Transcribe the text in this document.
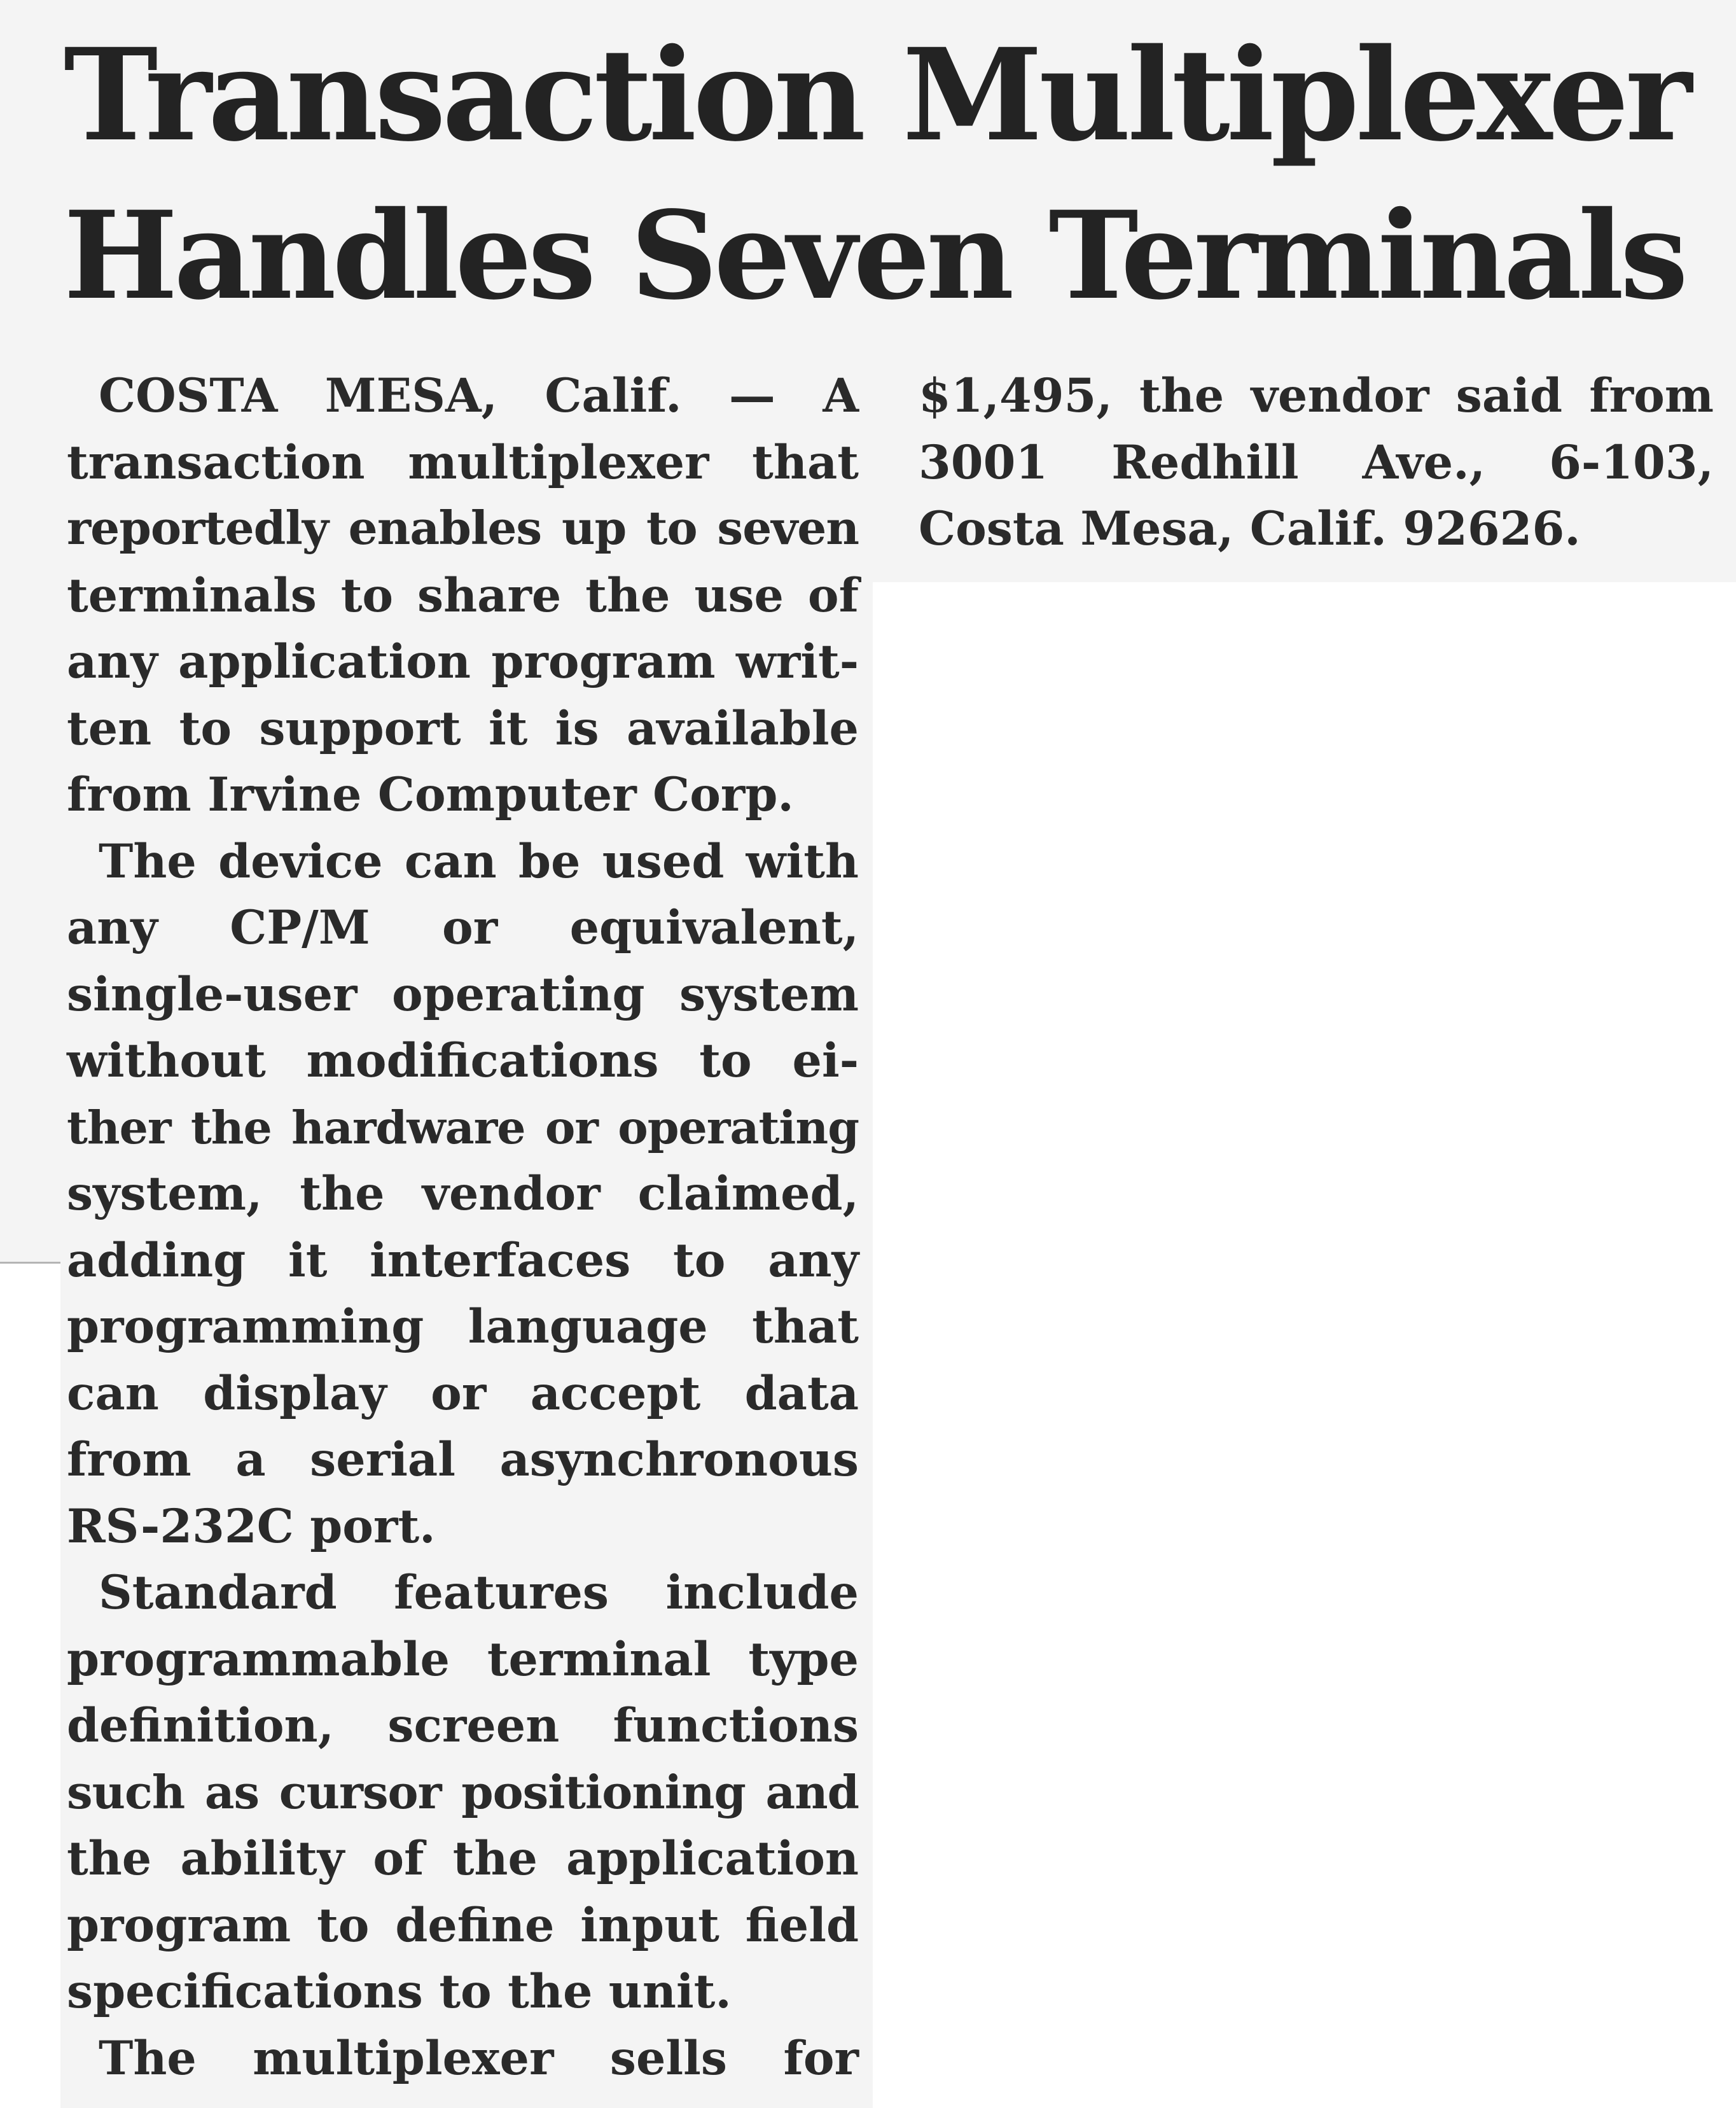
Transaction Multiplexer
Handles Seven Terminals
COSTA MESA, Calif. — A
transaction multiplexer that
reportedly enables up to seven
terminals to share the use of
any application program writ-
ten to support it is available
from Irvine Computer Corp.
The device can be used with
any CP/M or equivalent,
single-user operating system
without modifications to ei-
ther the hardware or operating
system, the vendor claimed,
adding it interfaces to any
programming language that
can display or accept data
from a serial asynchronous
RS-232C port.
Standard features include
programmable terminal type
definition, screen functions
such as cursor positioning and
the ability of the application
program to define input field
specifications to the unit.
The multiplexer sells for
$1,495, the vendor said from
3001 Redhill Ave., 6-103,
Costa Mesa, Calif. 92626.
